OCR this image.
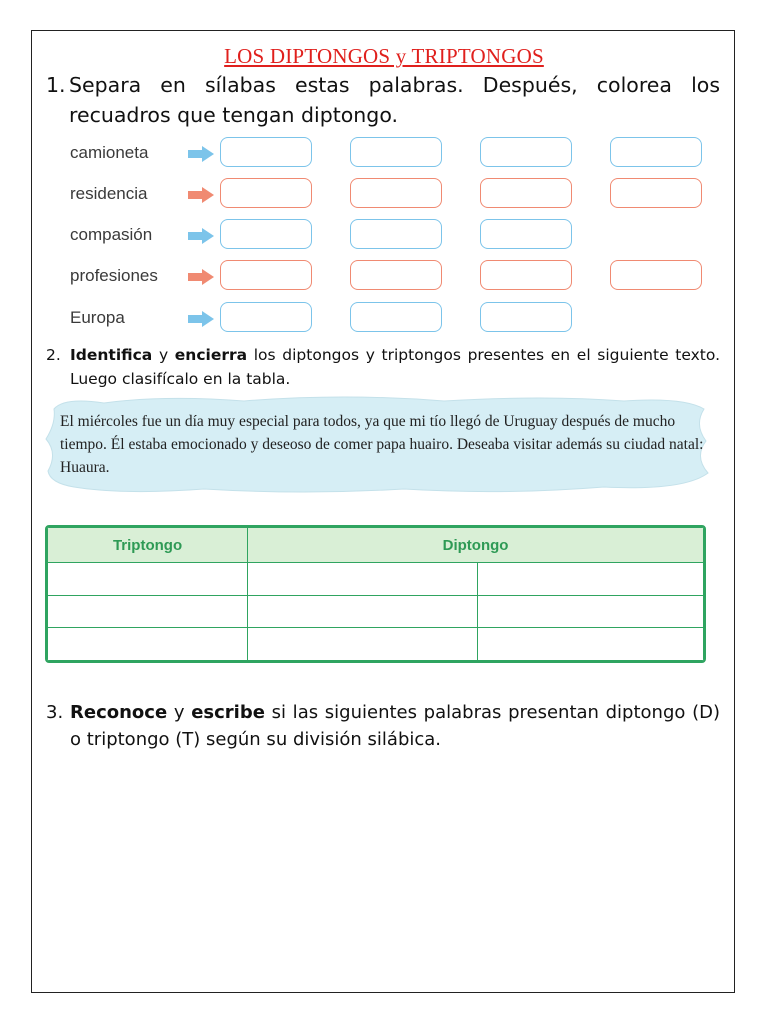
LOS DIPTONGOS y TRIPTONGOS
1. Separa en sílabas estas palabras. Después, colorea los recuadros que tengan diptongo.
camioneta
residencia
compasión
profesiones
Europa
2. Identifica y encierra los diptongos y triptongos presentes en el siguiente texto. Luego clasifícalo en la tabla.
El miércoles fue un día muy especial para todos, ya que mi tío llegó de Uruguay después de mucho tiempo. Él estaba emocionado y deseoso de comer papa huairo. Deseaba visitar además su ciudad natal: Huaura.
Triptongo	Diptongo	

3. Reconoce y escribe si las siguientes palabras presentan diptongo (D) o triptongo (T) según su división silábica.
